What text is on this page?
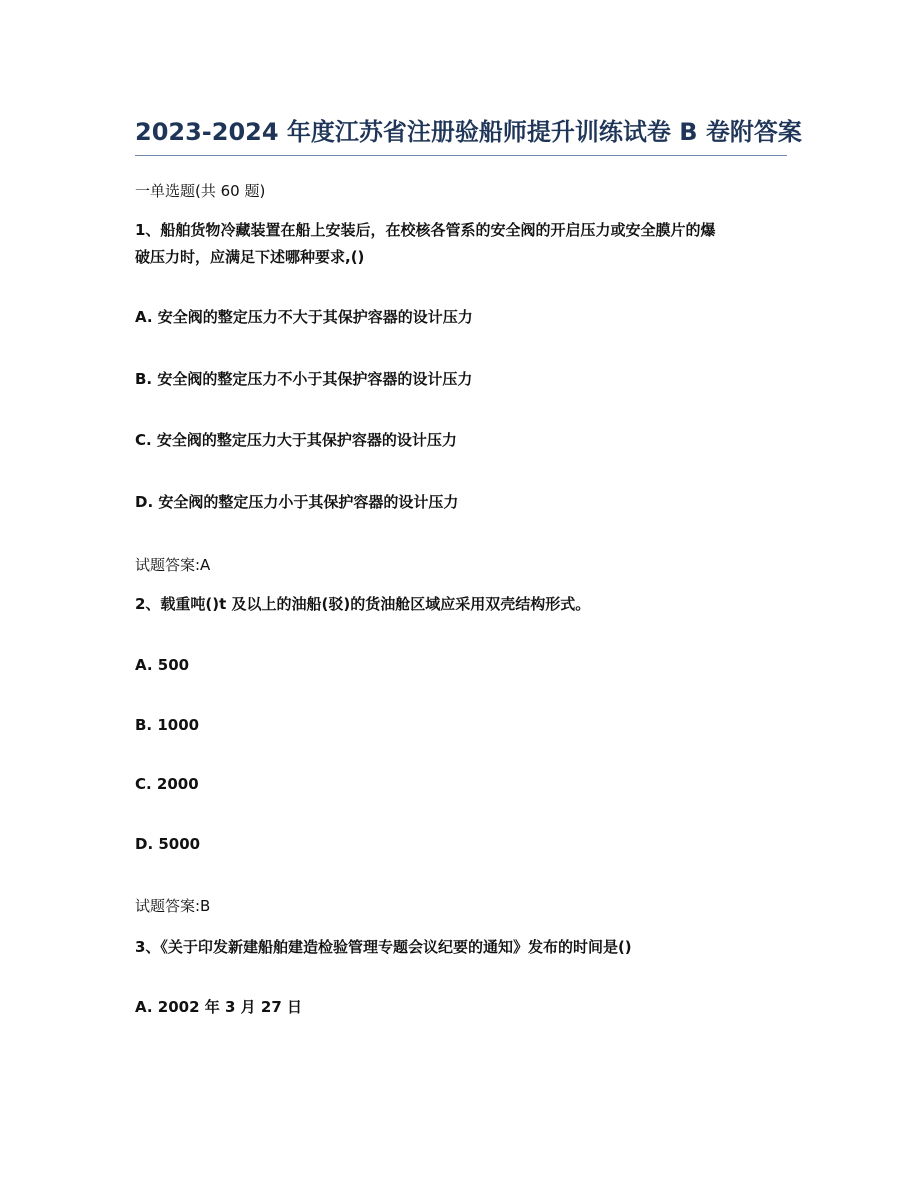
2023-2024 年度江苏省注册验船师提升训练试卷 B 卷附答案
一单选题(共 60 题)
1、船舶货物冷藏装置在船上安装后，在校核各管系的安全阀的开启压力或安全膜片的爆
破压力时，应满足下述哪种要求,()
A. 安全阀的整定压力不大于其保护容器的设计压力
B. 安全阀的整定压力不小于其保护容器的设计压力
C. 安全阀的整定压力大于其保护容器的设计压力
D. 安全阀的整定压力小于其保护容器的设计压力
试题答案:A
2、载重吨()t 及以上的油船(驳)的货油舱区域应采用双壳结构形式。
A. 500
B. 1000
C. 2000
D. 5000
试题答案:B
3、《关于印发新建船舶建造检验管理专题会议纪要的通知》发布的时间是()
A. 2002 年 3 月 27 日
